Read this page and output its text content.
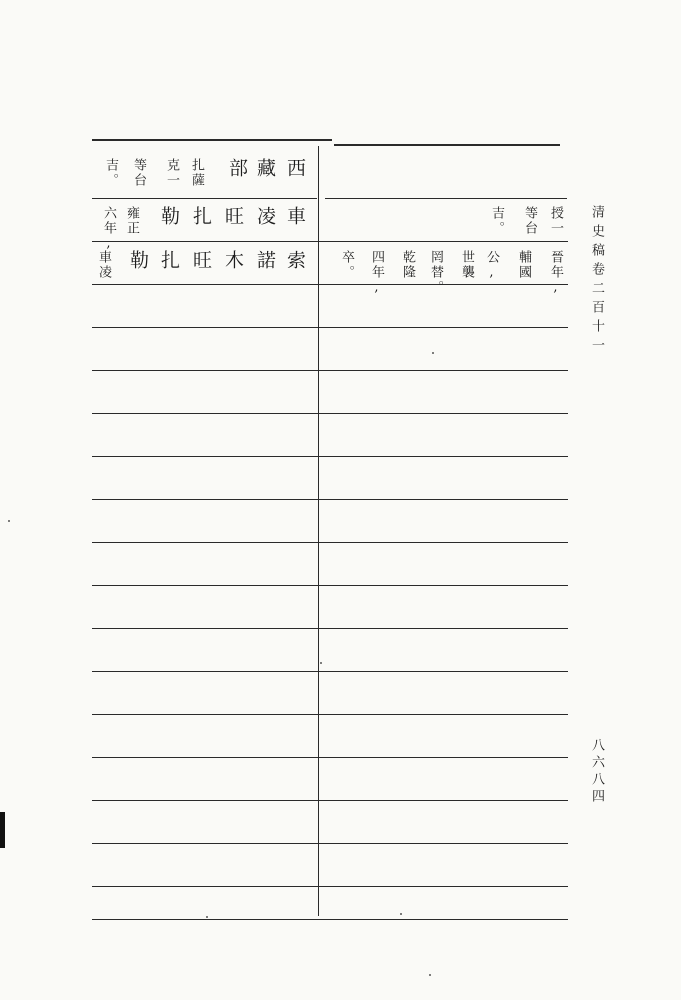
清史稿卷二百十一
八六八四
西
藏
部
扎薩
克一
等台
吉。
車
凌
旺
扎
勒
雍正
六年,	授一
等台
吉。
索
諾
木
旺
扎
勒
車凌	晉年,
輔國
公,
世襲
罔替。
乾隆
四年,
卒。
